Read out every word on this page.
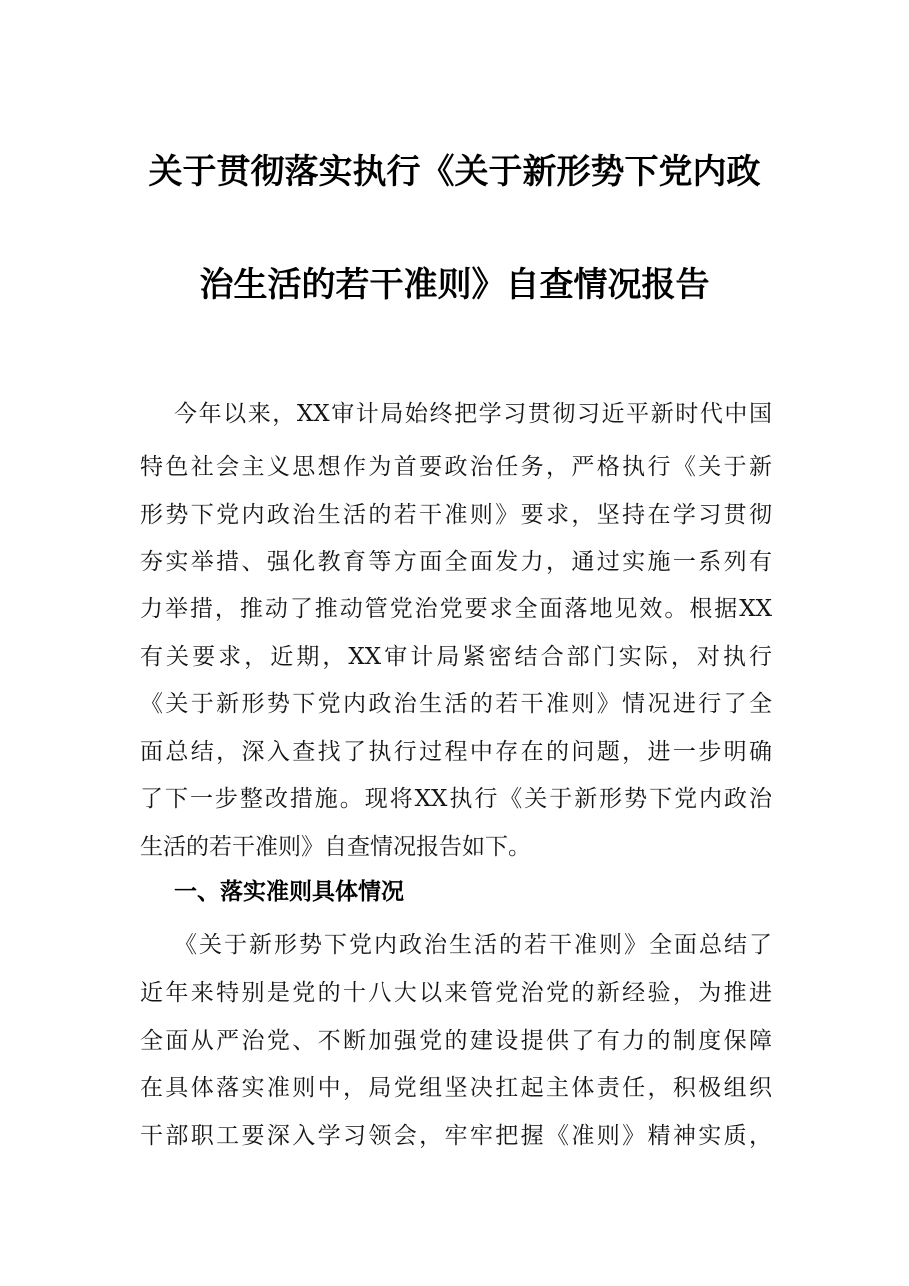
关于贯彻落实执行《关于新形势下党内政
治生活的若干准则》自查情况报告
今年以来，XX审计局始终把学习贯彻习近平新时代中国
特色社会主义思想作为首要政治任务，严格执行《关于新
形势下党内政治生活的若干准则》要求，坚持在学习贯彻
夯实举措、强化教育等方面全面发力，通过实施一系列有
力举措，推动了推动管党治党要求全面落地见效。根据XX
有关要求，近期，XX审计局紧密结合部门实际，对执行
《关于新形势下党内政治生活的若干准则》情况进行了全
面总结，深入查找了执行过程中存在的问题，进一步明确
了下一步整改措施。现将XX执行《关于新形势下党内政治
生活的若干准则》自查情况报告如下。
一、落实准则具体情况
《关于新形势下党内政治生活的若干准则》全面总结了
近年来特别是党的十八大以来管党治党的新经验，为推进
全面从严治党、不断加强党的建设提供了有力的制度保障
在具体落实准则中，局党组坚决扛起主体责任，积极组织
干部职工要深入学习领会，牢牢把握《准则》精神实质，
